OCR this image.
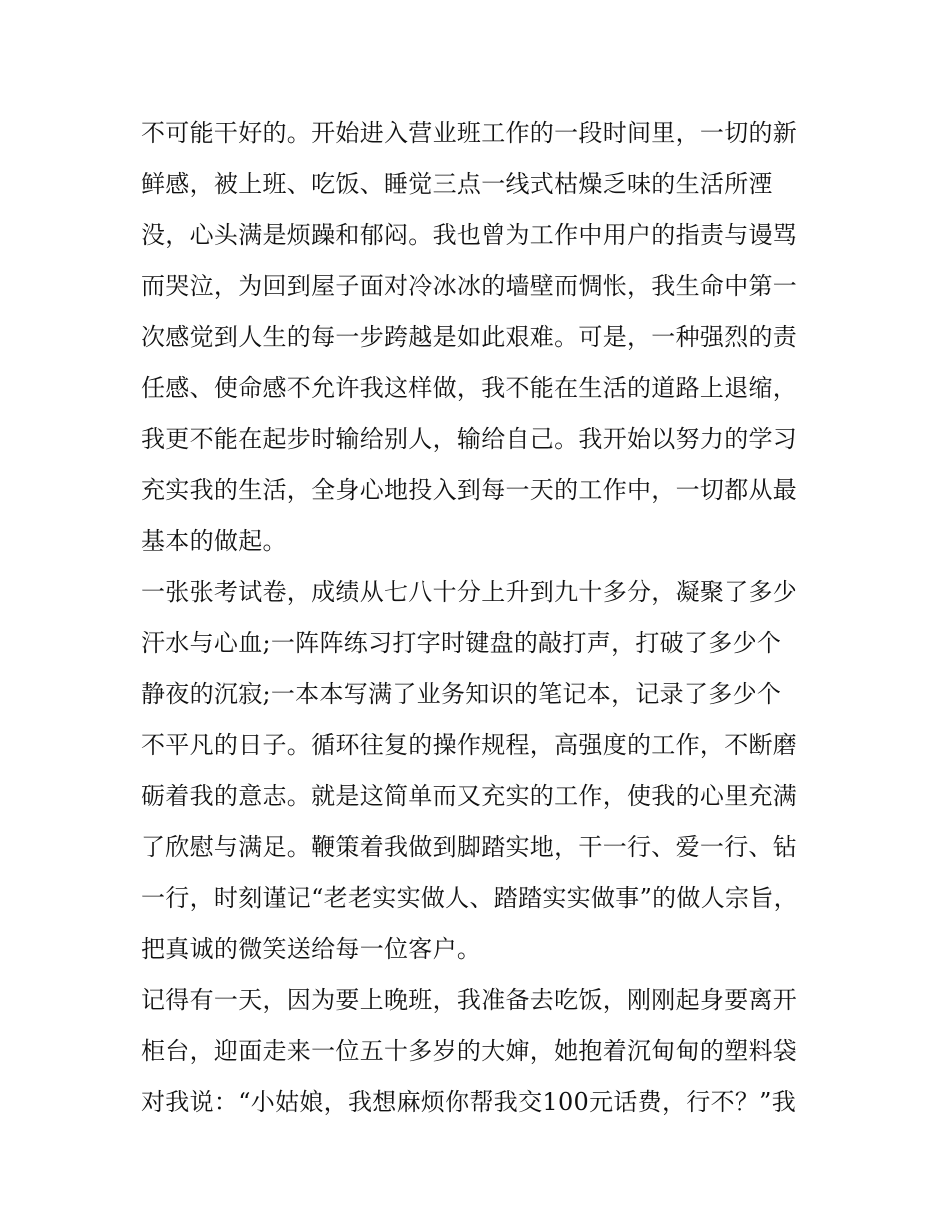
不可能干好的。开始进入营业班工作的一段时间里，一切的新
鲜感，被上班、吃饭、睡觉三点一线式枯燥乏味的生活所湮
没，心头满是烦躁和郁闷。我也曾为工作中用户的指责与谩骂
而哭泣，为回到屋子面对冷冰冰的墙壁而惆怅，我生命中第一
次感觉到人生的每一步跨越是如此艰难。可是，一种强烈的责
任感、使命感不允许我这样做，我不能在生活的道路上退缩，
我更不能在起步时输给别人，输给自己。我开始以努力的学习
充实我的生活，全身心地投入到每一天的工作中，一切都从最
基本的做起。
一张张考试卷，成绩从七八十分上升到九十多分，凝聚了多少
汗水与心血;一阵阵练习打字时键盘的敲打声，打破了多少个
静夜的沉寂;一本本写满了业务知识的笔记本，记录了多少个
不平凡的日子。循环往复的操作规程，高强度的工作，不断磨
砺着我的意志。就是这简单而又充实的工作，使我的心里充满
了欣慰与满足。鞭策着我做到脚踏实地，干一行、爱一行、钻
一行，时刻谨记“老老实实做人、踏踏实实做事”的做人宗旨，
把真诚的微笑送给每一位客户。
记得有一天，因为要上晚班，我准备去吃饭，刚刚起身要离开
柜台，迎面走来一位五十多岁的大婶，她抱着沉甸甸的塑料袋
对我说：“小姑娘，我想麻烦你帮我交100元话费，行不？”我
